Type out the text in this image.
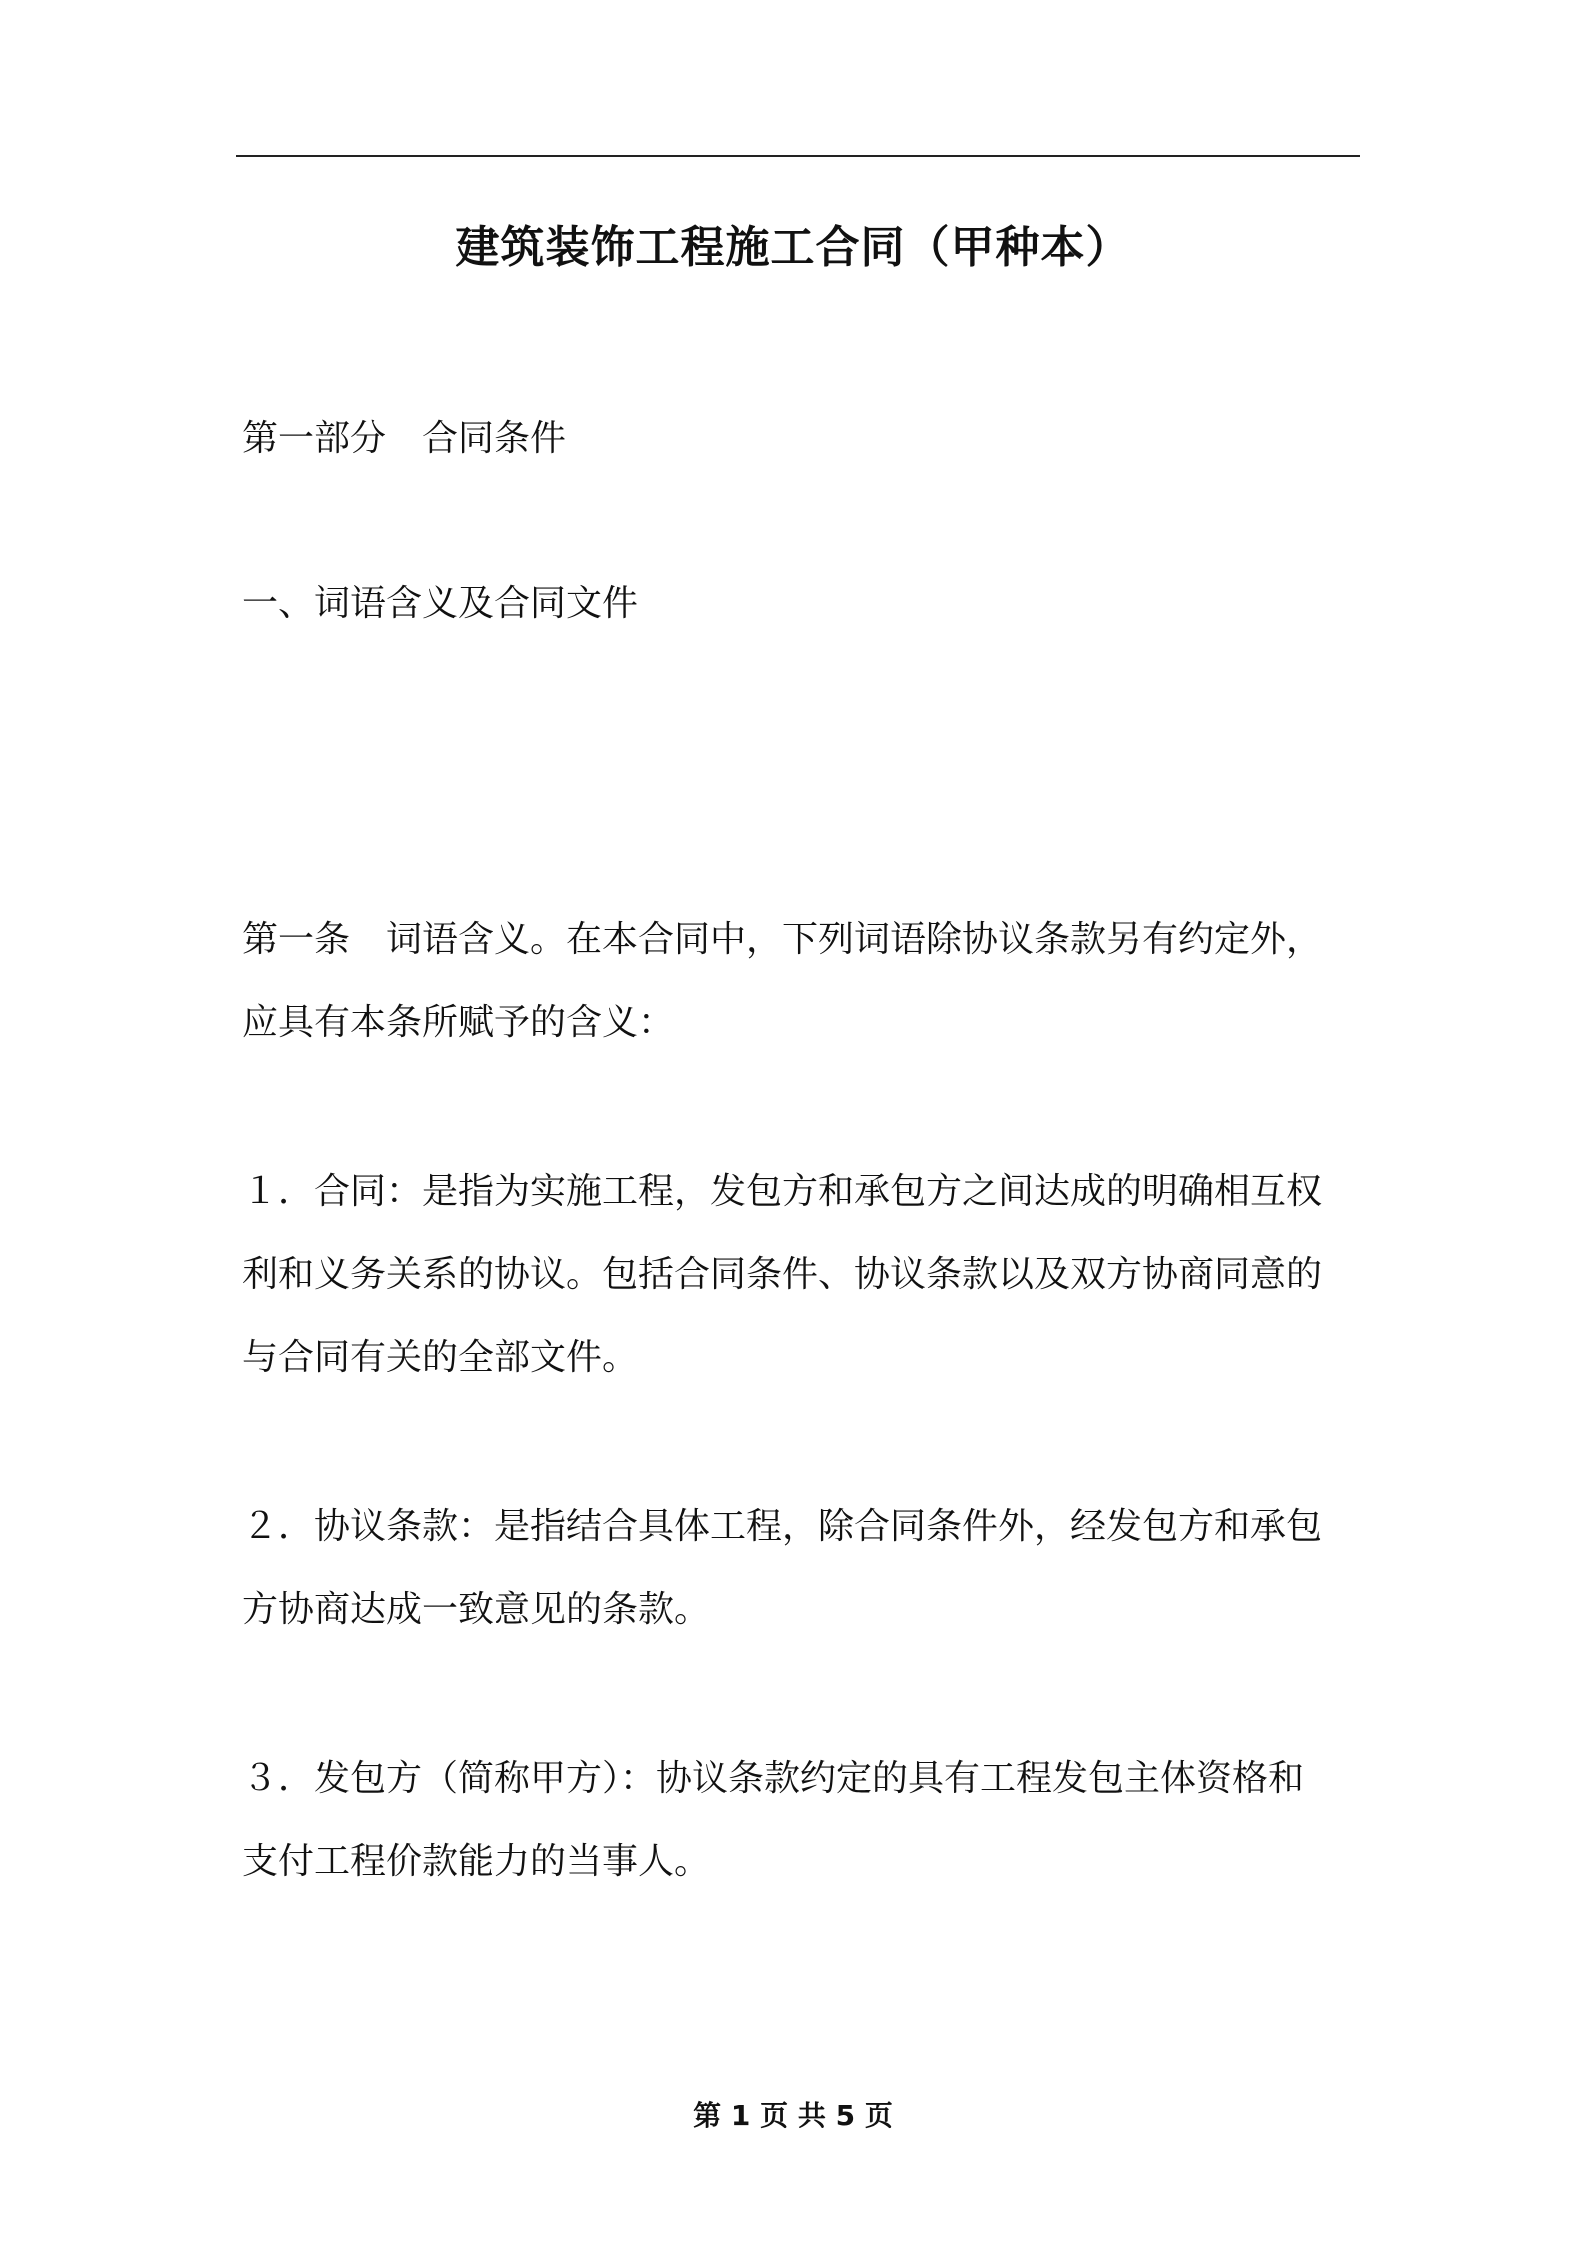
建筑装饰工程施工合同（甲种本）

第一部分　合同条件

一、词语含义及合同文件

第一条　词语含义。在本合同中，下列词语除协议条款另有约定外，

应具有本条所赋予的含义：

１．合同：是指为实施工程，发包方和承包方之间达成的明确相互权

利和义务关系的协议。包括合同条件、协议条款以及双方协商同意的

与合同有关的全部文件。

２．协议条款：是指结合具体工程，除合同条件外，经发包方和承包

方协商达成一致意见的条款。

３．发包方（简称甲方）：协议条款约定的具有工程发包主体资格和

支付工程价款能力的当事人。

第 1 页 共 5 页
